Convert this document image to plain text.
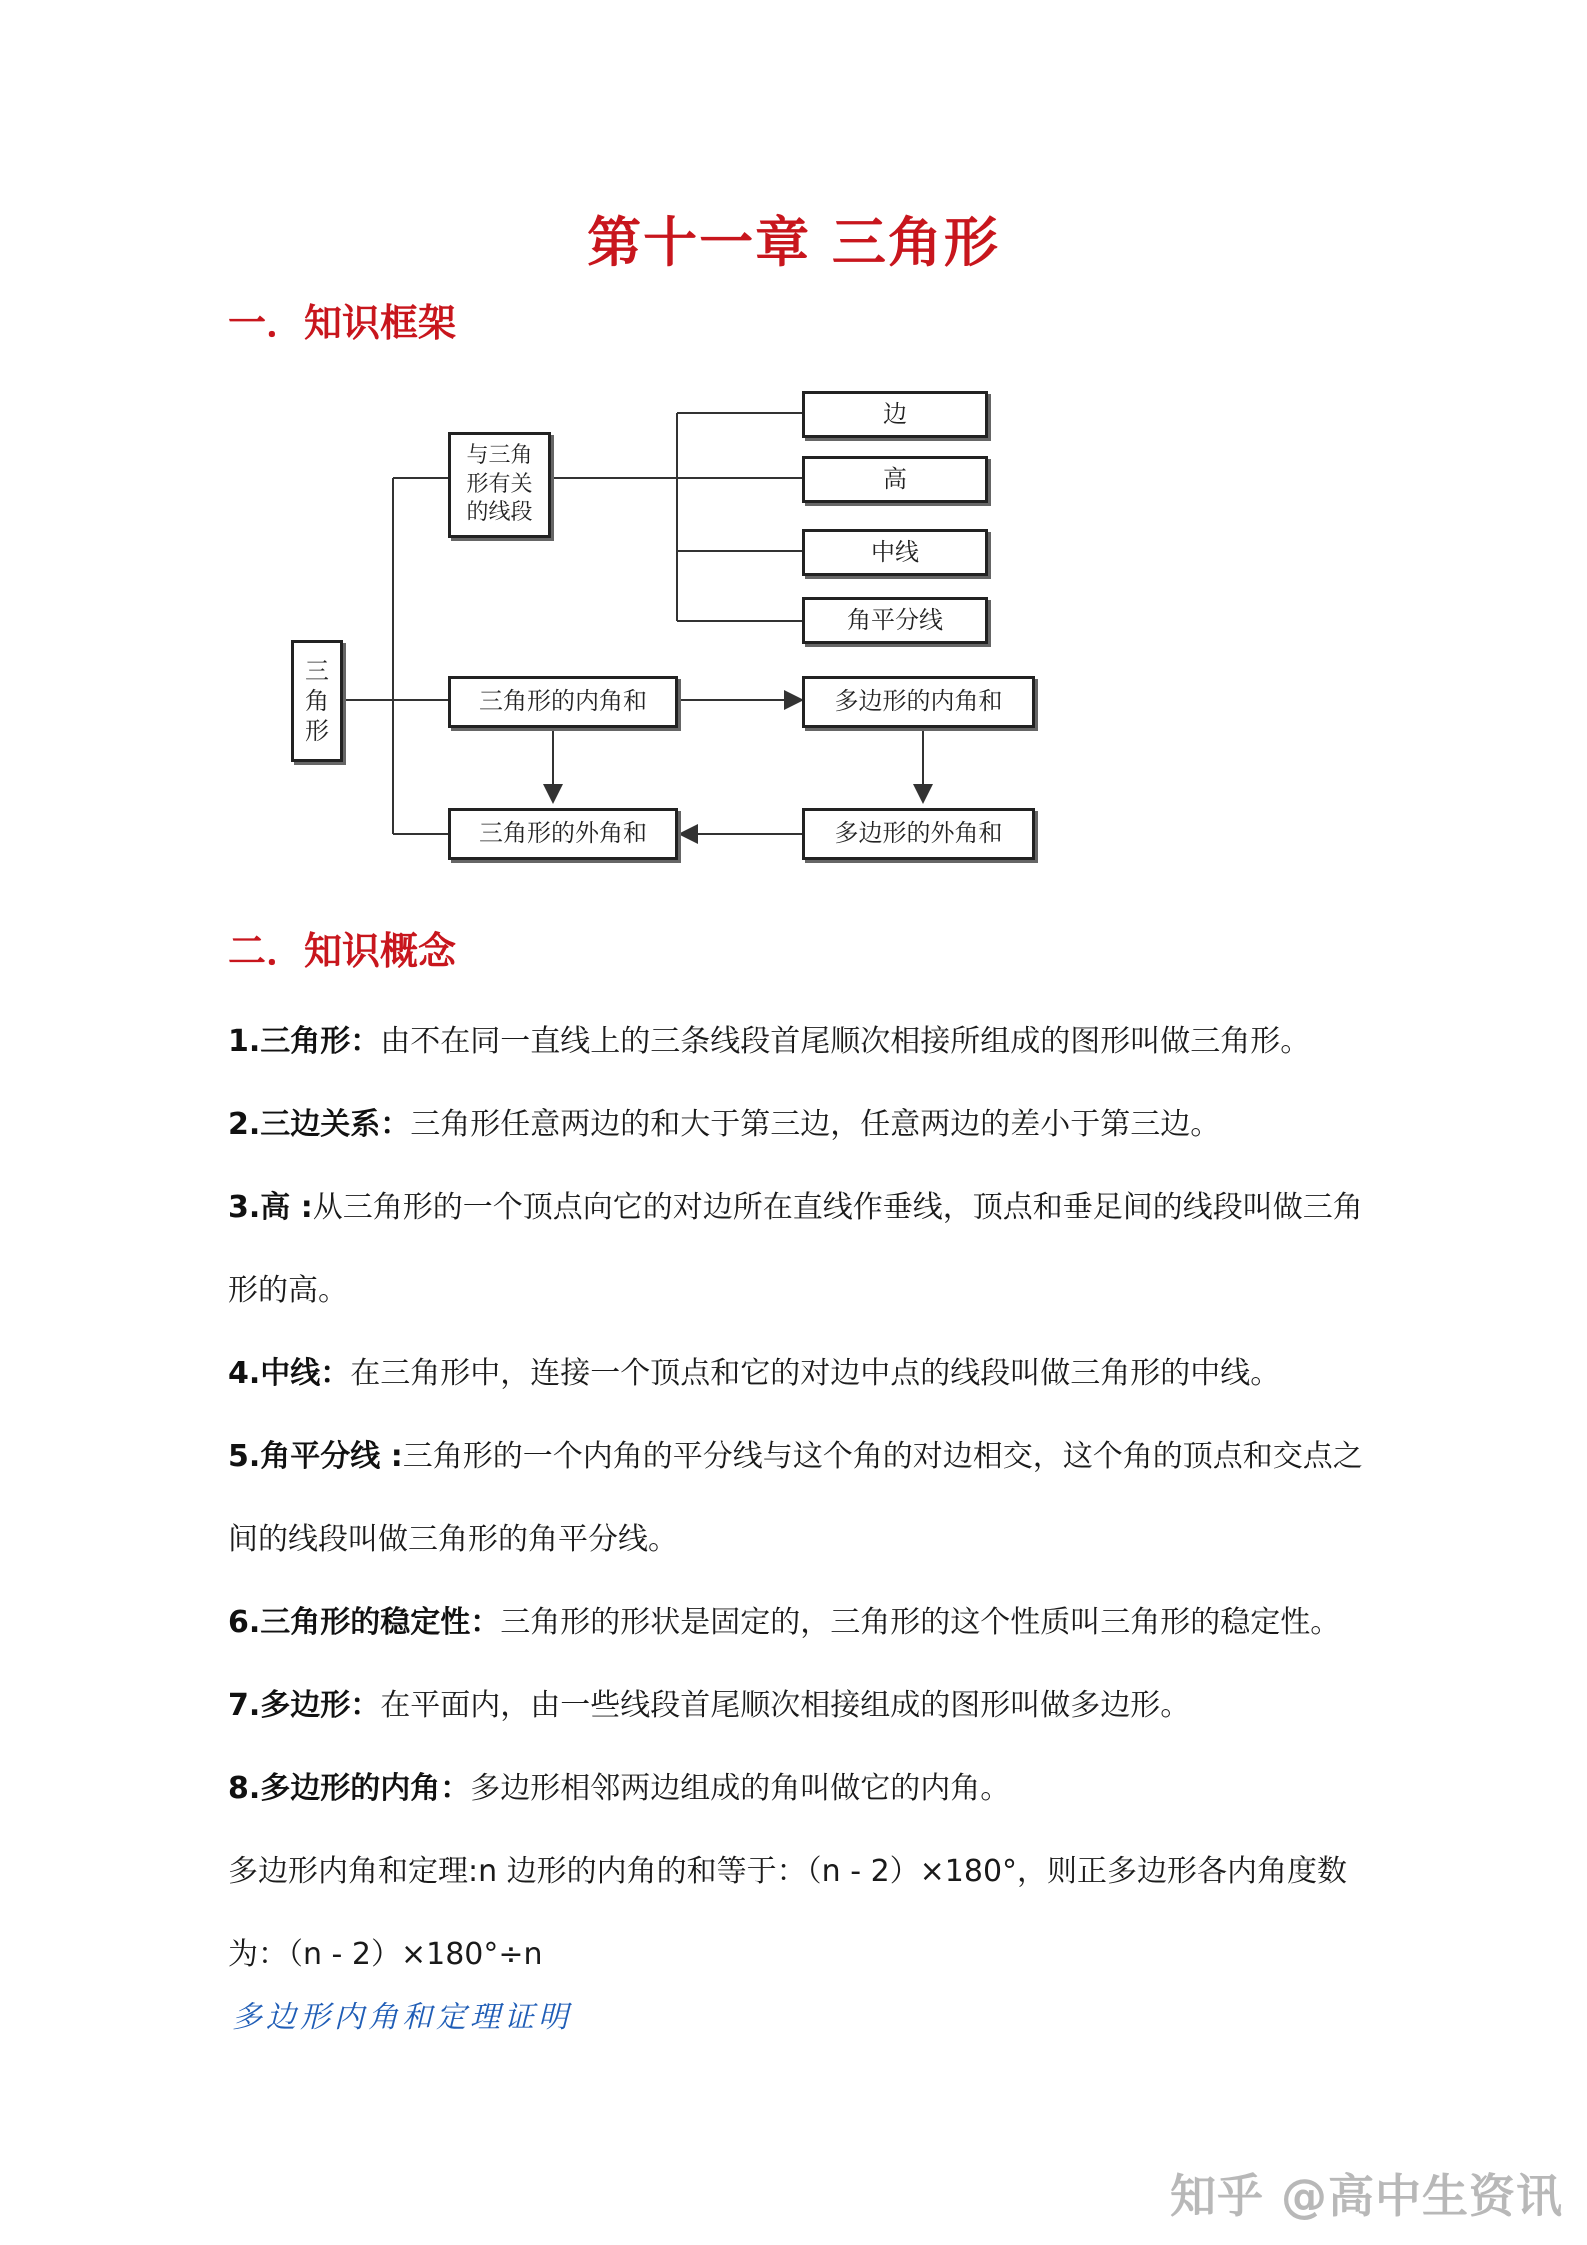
第十一章 三角形
一．知识框架
三
角
形
与三角形有关的线段
边
高
中线
角平分线
三角形的内角和	多边形的内角和
三角形的外角和	多边形的外角和
二．知识概念

1.三角形：由不在同一直线上的三条线段首尾顺次相接所组成的图形叫做三角形。

2.三边关系：三角形任意两边的和大于第三边，任意两边的差小于第三边。

3.高 :从三角形的一个顶点向它的对边所在直线作垂线，顶点和垂足间的线段叫做三角形的高。

4.中线：在三角形中，连接一个顶点和它的对边中点的线段叫做三角形的中线。

5.角平分线 :三角形的一个内角的平分线与这个角的对边相交，这个角的顶点和交点之间的线段叫做三角形的角平分线。

6.三角形的稳定性：三角形的形状是固定的，三角形的这个性质叫三角形的稳定性。

7.多边形：在平面内，由一些线段首尾顺次相接组成的图形叫做多边形。

8.多边形的内角：多边形相邻两边组成的角叫做它的内角。

多边形内角和定理:n 边形的内角的和等于：（n - 2）×180°，则正多边形各内角度数为：（n - 2）×180°÷n

多边形内角和定理证明
知乎 @高中生资讯
